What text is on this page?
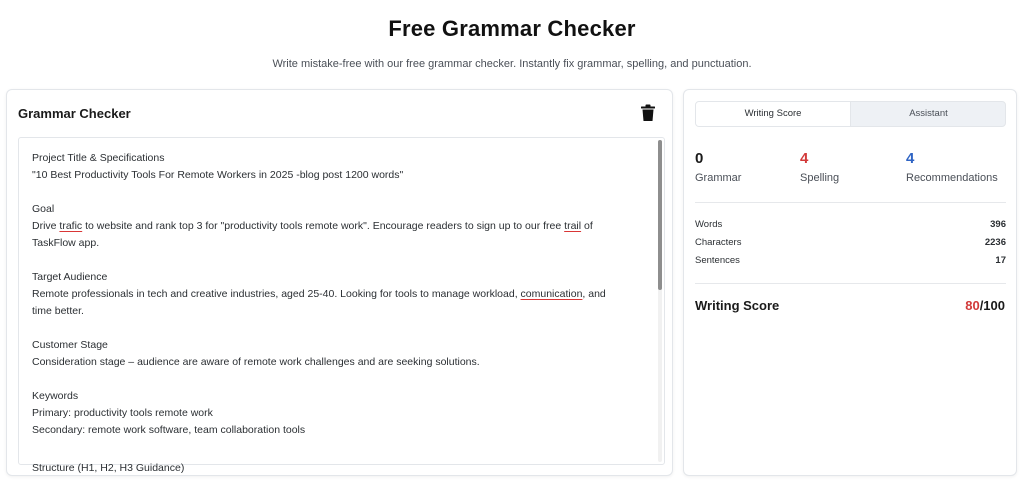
Free Grammar Checker
Write mistake-free with our free grammar checker. Instantly fix grammar, spelling, and punctuation.
Grammar Checker
Project Title & Specifications
"10 Best Productivity Tools For Remote Workers in 2025 -blog post 1200 words"
Goal
Drive trafic to website and rank top 3 for "productivity tools remote work". Encourage readers to sign up to our free trail of
TaskFlow app.
Target Audience
Remote professionals in tech and creative industries, aged 25-40. Looking for tools to manage workload, comunication, and
time better.
Customer Stage
Consideration stage – audience are aware of remote work challenges and are seeking solutions.
Keywords
Primary: productivity tools remote work
Secondary: remote work software, team collaboration tools
Structure (H1, H2, H3 Guidance)
Writing Score	Assistant
0
Grammar
4
Spelling
4
Recommendations
Words	396
Characters	2236
Sentences	17
Writing Score	80/100
